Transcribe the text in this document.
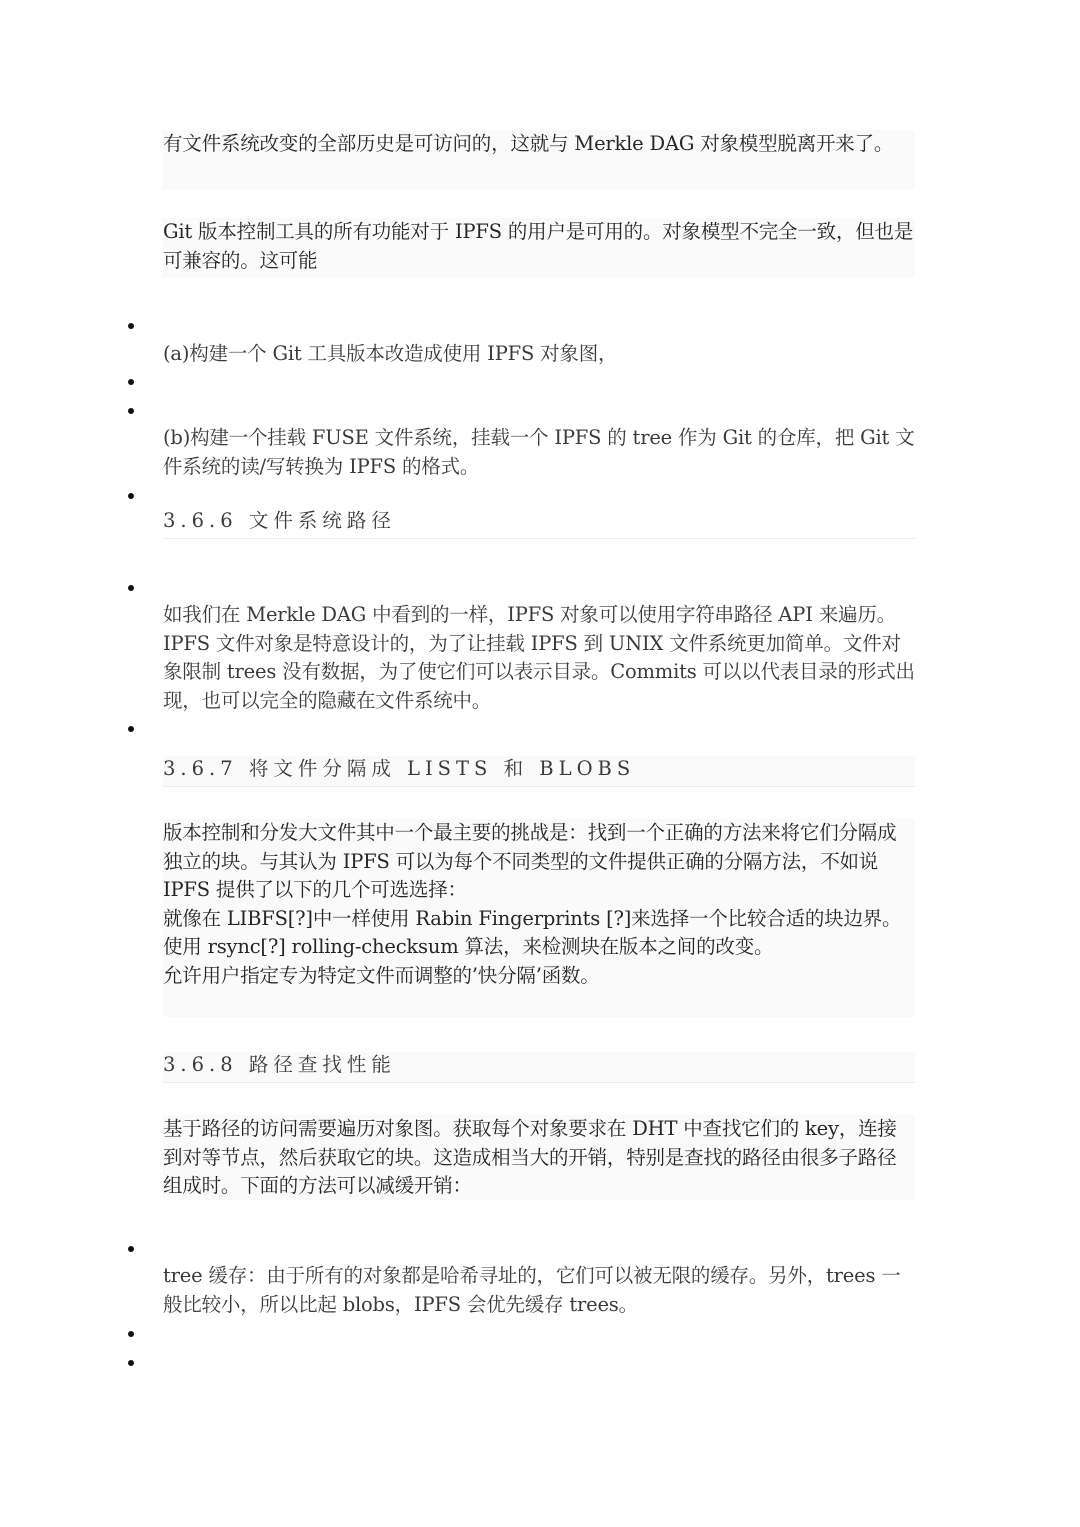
有文件系统改变的全部历史是可访问的，这就与 Merkle DAG 对象模型脱离开来了。

Git 版本控制工具的所有功能对于 IPFS 的用户是可用的。对象模型不完全一致，但也是可兼容的。这可能

(a)构建一个 Git 工具版本改造成使用 IPFS 对象图，

(b)构建一个挂载 FUSE 文件系统，挂载一个 IPFS 的 tree 作为 Git 的仓库，把 Git 文件系统的读/写转换为 IPFS 的格式。

3.6.6 文件系统路径

如我们在 Merkle DAG 中看到的一样，IPFS 对象可以使用字符串路径 API 来遍历。IPFS 文件对象是特意设计的，为了让挂载 IPFS 到 UNIX 文件系统更加简单。文件对象限制 trees 没有数据，为了使它们可以表示目录。Commits 可以以代表目录的形式出现，也可以完全的隐藏在文件系统中。

3.6.7 将文件分隔成 LISTS 和 BLOBS

版本控制和分发大文件其中一个最主要的挑战是：找到一个正确的方法来将它们分隔成独立的块。与其认为 IPFS 可以为每个不同类型的文件提供正确的分隔方法，不如说 IPFS 提供了以下的几个可选选择：

就像在 LIBFS[?]中一样使用 Rabin Fingerprints [?]来选择一个比较合适的块边界。

使用 rsync[?] rolling-checksum 算法，来检测块在版本之间的改变。

允许用户指定专为特定文件而调整的’快分隔’函数。

3.6.8 路径查找性能

基于路径的访问需要遍历对象图。获取每个对象要求在 DHT 中查找它们的 key，连接到对等节点，然后获取它的块。这造成相当大的开销，特别是查找的路径由很多子路径组成时。下面的方法可以减缓开销：

tree 缓存：由于所有的对象都是哈希寻址的，它们可以被无限的缓存。另外，trees 一般比较小，所以比起 blobs，IPFS 会优先缓存 trees。
